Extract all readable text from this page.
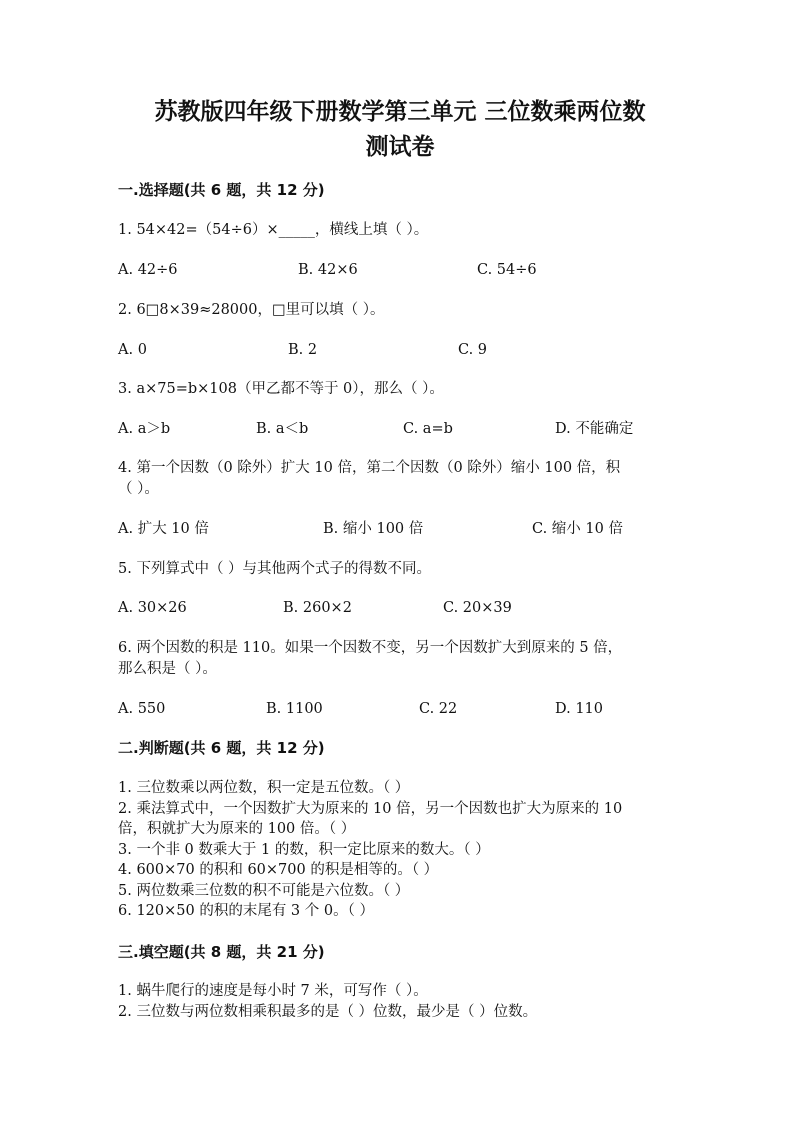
苏教版四年级下册数学第三单元 三位数乘两位数
测试卷
一.选择题(共 6 题，共 12 分)
1. 54×42=（54÷6）×_____，横线上填（ ）。
A. 42÷6	B. 42×6	C. 54÷6
2. 6□8×39≈28000，□里可以填（ ）。
A. 0	B. 2	C. 9
3. a×75=b×108（甲乙都不等于 0），那么（ ）。
A. a＞b	B. a＜b	C. a=b	D. 不能确定
4. 第一个因数（0 除外）扩大 10 倍，第二个因数（0 除外）缩小 100 倍，积
（ ）。
A. 扩大 10 倍	B. 缩小 100 倍	C. 缩小 10 倍
5. 下列算式中（ ）与其他两个式子的得数不同。
A. 30×26	B. 260×2	C. 20×39
6. 两个因数的积是 110。如果一个因数不变，另一个因数扩大到原来的 5 倍，
那么积是（ ）。
A. 550	B. 1100	C. 22	D. 110
二.判断题(共 6 题，共 12 分)
1. 三位数乘以两位数，积一定是五位数。（ ）
2. 乘法算式中，一个因数扩大为原来的 10 倍，另一个因数也扩大为原来的 10
倍，积就扩大为原来的 100 倍。（ ）
3. 一个非 0 数乘大于 1 的数，积一定比原来的数大。（ ）
4. 600×70 的积和 60×700 的积是相等的。（ ）
5. 两位数乘三位数的积不可能是六位数。（ ）
6. 120×50 的积的末尾有 3 个 0。（ ）
三.填空题(共 8 题，共 21 分)
1. 蜗牛爬行的速度是每小时 7 米，可写作（ ）。
2. 三位数与两位数相乘积最多的是（ ）位数，最少是（ ）位数。
